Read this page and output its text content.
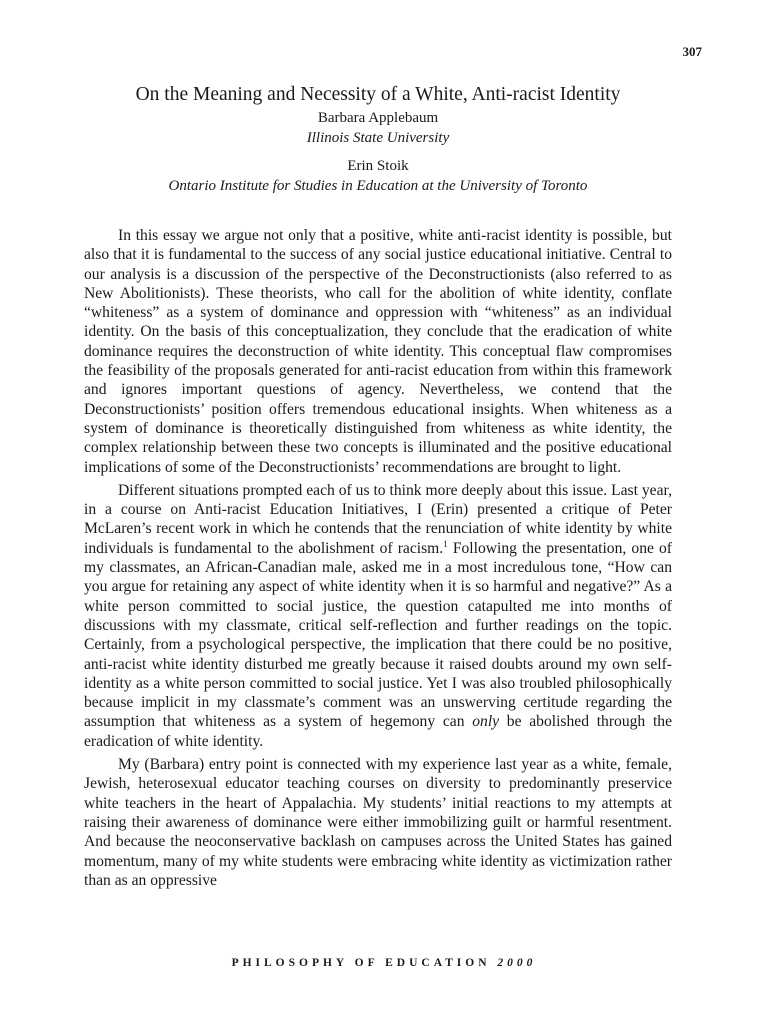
307
On the Meaning and Necessity of a White, Anti-racist Identity
Barbara Applebaum
Illinois State University
Erin Stoik
Ontario Institute for Studies in Education at the University of Toronto

In this essay we argue not only that a positive, white anti-racist identity is possible, but also that it is fundamental to the success of any social justice educational initiative. Central to our analysis is a discussion of the perspective of the Deconstructionists (also referred to as New Abolitionists). These theorists, who call for the abolition of white identity, conflate “whiteness” as a system of dominance and oppression with “whiteness” as an individual identity. On the basis of this conceptualization, they conclude that the eradication of white dominance requires the deconstruction of white identity. This conceptual flaw compromises the feasibility of the proposals generated for anti-racist education from within this framework and ignores important questions of agency. Nevertheless, we contend that the Deconstructionists’ position offers tremendous educational insights. When whiteness as a system of dominance is theoretically distinguished from whiteness as white identity, the complex relationship between these two concepts is illuminated and the positive educational implications of some of the Deconstructionists’ recommendations are brought to light.

Different situations prompted each of us to think more deeply about this issue. Last year, in a course on Anti-racist Education Initiatives, I (Erin) presented a critique of Peter McLaren’s recent work in which he contends that the renunciation of white identity by white individuals is fundamental to the abolishment of racism.$^1$ Following the presentation, one of my classmates, an African-Canadian male, asked me in a most incredulous tone, “How can you argue for retaining any aspect of white identity when it is so harmful and negative?” As a white person committed to social justice, the question catapulted me into months of discussions with my classmate, critical self-reflection and further readings on the topic. Certainly, from a psychological perspective, the implication that there could be no positive, anti-racist white identity disturbed me greatly because it raised doubts around my own self-identity as a white person committed to social justice. Yet I was also troubled philosophically because implicit in my classmate’s comment was an unswerving certitude regarding the assumption that whiteness as a system of hegemony can only be abolished through the eradication of white identity.

My (Barbara) entry point is connected with my experience last year as a white, female, Jewish, heterosexual educator teaching courses on diversity to predominantly preservice white teachers in the heart of Appalachia. My students’ initial reactions to my attempts at raising their awareness of dominance were either immobilizing guilt or harmful resentment. And because the neoconservative backlash on campuses across the United States has gained momentum, many of my white students were embracing white identity as victimization rather than as an oppressive

PHILOSOPHY OF EDUCATION 2000
